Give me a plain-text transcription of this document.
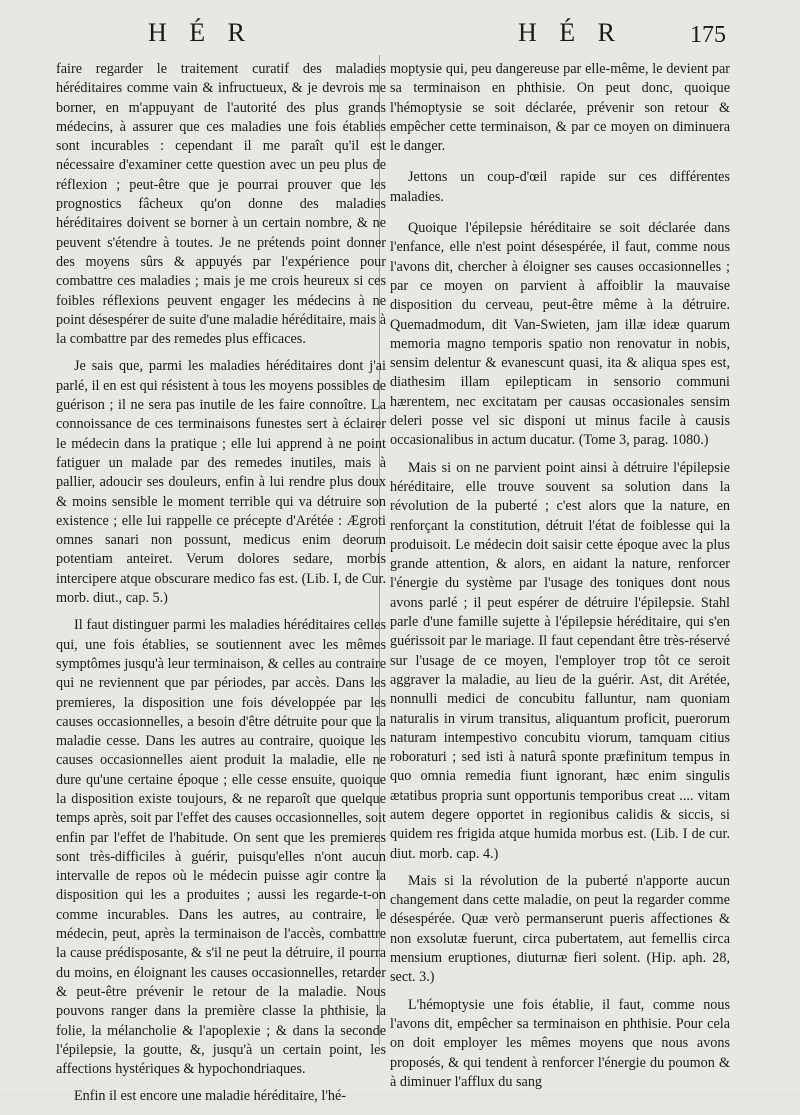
H É R	H É R	175

faire regarder le traitement curatif des maladies héréditaires comme vain & infructueux, & je devrois me borner, en m'appuyant de l'autorité des plus grands médecins, à assurer que ces maladies une fois établies sont incurables : cependant il me paraît qu'il est nécessaire d'examiner cette question avec un peu plus de réflexion ; peut-être que je pourrai prouver que les prognostics fâcheux qu'on donne des maladies héréditaires doivent se borner à un certain nombre, & ne peuvent s'étendre à toutes. Je ne prétends point donner des moyens sûrs & appuyés par l'expérience pour combattre ces maladies ; mais je me crois heureux si ces foibles réflexions peuvent engager les médecins à ne point désespérer de suite d'une maladie héréditaire, mais à la combattre par des remedes plus efficaces.

Je sais que, parmi les maladies héréditaires dont j'ai parlé, il en est qui résistent à tous les moyens possibles de guérison ; il ne sera pas inutile de les faire connoître. La connoissance de ces terminaisons funestes sert à éclairer le médecin dans la pratique ; elle lui apprend à ne point fatiguer un malade par des remedes inutiles, mais à pallier, adoucir ses douleurs, enfin à lui rendre plus doux & moins sensible le moment terrible qui va détruire son existence ; elle lui rappelle ce précepte d'Arétée : Ægroti omnes sanari non possunt, medicus enim deorum potentiam anteiret. Verum dolores sedare, morbis intercipere atque obscurare medico fas est. (Lib. I, de Cur. morb. diut., cap. 5.)

Il faut distinguer parmi les maladies héréditaires celles qui, une fois établies, se soutiennent avec les mêmes symptômes jusqu'à leur terminaison, & celles au contraire qui ne reviennent que par périodes, par accès. Dans les premieres, la disposition une fois développée par les causes occasionnelles, a besoin d'être détruite pour que la maladie cesse. Dans les autres au contraire, quoique les causes occasionnelles aient produit la maladie, elle ne dure qu'une certaine époque ; elle cesse ensuite, quoique la disposition existe toujours, & ne reparoît que quelque temps après, soit par l'effet des causes occasionnelles, soit enfin par l'effet de l'habitude. On sent que les premieres sont très-difficiles à guérir, puisqu'elles n'ont aucun intervalle de repos où le médecin puisse agir contre la disposition qui les a produites ; aussi les regarde-t-on comme incurables. Dans les autres, au contraire, le médecin, peut, après la terminaison de l'accès, combattre la cause prédisposante, & s'il ne peut la détruire, il pourra du moins, en éloignant les causes occasionnelles, retarder & peut-être prévenir le retour de la maladie. Nous pouvons ranger dans la première classe la phthisie, la folie, la mélancholie & l'apoplexie ; & dans la seconde l'épilepsie, la goutte, &, jusqu'à un certain point, les affections hystériques & hypochondriaques.

Enfin il est encore une maladie héréditaire, l'hé-

moptysie qui, peu dangereuse par elle-même, le devient par sa terminaison en phthisie. On peut donc, quoique l'hémoptysie se soit déclarée, prévenir son retour & empêcher cette terminaison, & par ce moyen on diminuera le danger.

Jettons un coup-d'œil rapide sur ces différentes maladies.

Quoique l'épilepsie héréditaire se soit déclarée dans l'enfance, elle n'est point désespérée, il faut, comme nous l'avons dit, chercher à éloigner ses causes occasionnelles ; par ce moyen on parvient à affoiblir la mauvaise disposition du cerveau, peut-être même à la détruire. Quemadmodum, dit Van-Swieten, jam illæ ideæ quarum memoria magno temporis spatio non renovatur in nobis, sensim delentur & evanescunt quasi, ita & aliqua spes est, diathesim illam epilepticam in sensorio communi hærentem, nec excitatam per causas occasionales sensim deleri posse vel sic disponi ut minus facile à causis occasionalibus in actum ducatur. (Tome 3, parag. 1080.)

Mais si on ne parvient point ainsi à détruire l'épilepsie héréditaire, elle trouve souvent sa solution dans la révolution de la puberté ; c'est alors que la nature, en renforçant la constitution, détruit l'état de foiblesse qui la produisoit. Le médecin doit saisir cette époque avec la plus grande attention, & alors, en aidant la nature, renforcer l'énergie du système par l'usage des toniques dont nous avons parlé ; il peut espérer de détruire l'épilepsie. Stahl parle d'une famille sujette à l'épilepsie héréditaire, qui s'en guérissoit par le mariage. Il faut cependant être très-réservé sur l'usage de ce moyen, l'employer trop tôt ce seroit aggraver la maladie, au lieu de la guérir. Ast, dit Arétée, nonnulli medici de concubitu falluntur, nam quoniam naturalis in virum transitus, aliquantum proficit, puerorum naturam intempestivo concubitu viorum, tamquam citius roboraturi ; sed isti à naturâ sponte præfinitum tempus in quo omnia remedia fiunt ignorant, hæc enim singulis ætatibus propria sunt opportunis temporibus creat .... vitam autem degere opportet in regionibus calidis & siccis, si quidem res frigida atque humida morbus est. (Lib. I de cur. diut. morb. cap. 4.)

Mais si la révolution de la puberté n'apporte aucun changement dans cette maladie, on peut la regarder comme désespérée. Quæ verò permanserunt pueris affectiones & non exsolutæ fuerunt, circa pubertatem, aut femellis circa mensium eruptiones, diuturnæ fieri solent. (Hip. aph. 28, sect. 3.)

L'hémoptysie une fois établie, il faut, comme nous l'avons dit, empêcher sa terminaison en phthisie. Pour cela on doit employer les mêmes moyens que nous avons proposés, & qui tendent à renforcer l'énergie du poumon & à diminuer l'afflux du sang
